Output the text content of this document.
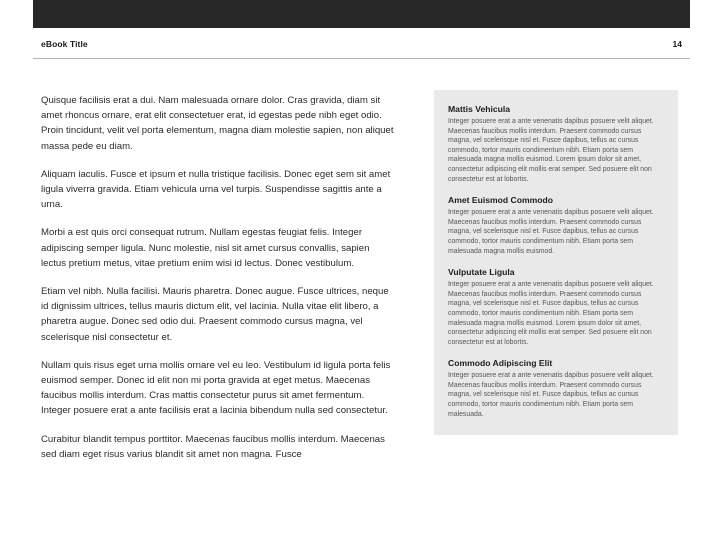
eBook Title	14

Quisque facilisis erat a dui. Nam malesuada ornare dolor. Cras gravida, diam sit amet rhoncus ornare, erat elit consectetuer erat, id egestas pede nibh eget odio. Proin tincidunt, velit vel porta elementum, magna diam molestie sapien, non aliquet massa pede eu diam.

Aliquam iaculis. Fusce et ipsum et nulla tristique facilisis. Donec eget sem sit amet ligula viverra gravida. Etiam vehicula urna vel turpis. Suspendisse sagittis ante a urna.

Morbi a est quis orci consequat rutrum. Nullam egestas feugiat felis. Integer adipiscing semper ligula. Nunc molestie, nisl sit amet cursus convallis, sapien lectus pretium metus, vitae pretium enim wisi id lectus. Donec vestibulum.

Etiam vel nibh. Nulla facilisi. Mauris pharetra. Donec augue. Fusce ultrices, neque id dignissim ultrices, tellus mauris dictum elit, vel lacinia. Nulla vitae elit libero, a pharetra augue. Donec sed odio dui. Praesent commodo cursus magna, vel scelerisque nisl consectetur et.

Nullam quis risus eget urna mollis ornare vel eu leo. Vestibulum id ligula porta felis euismod semper. Donec id elit non mi porta gravida at eget metus. Maecenas faucibus mollis interdum. Cras mattis consectetur purus sit amet fermentum. Integer posuere erat a ante facilisis erat a lacinia bibendum nulla sed consectetur.

Curabitur blandit tempus porttitor. Maecenas faucibus mollis interdum. Maecenas sed diam eget risus varius blandit sit amet non magna. Fusce

Mattis Vehicula

Integer posuere erat a ante venenatis dapibus posuere velit aliquet. Maecenas faucibus mollis interdum. Praesent commodo cursus magna, vel scelerisque nisl et. Fusce dapibus, tellus ac cursus commodo, tortor mauris condimentum nibh. Etiam porta sem malesuada magna mollis euismod. Lorem ipsum dolor sit amet, consectetur adipiscing elit mollis erat semper. Sed posuere elit non consectetur est at lobortis.

Amet Euismod Commodo

Integer posuere erat a ante venenatis dapibus posuere velit aliquet. Maecenas faucibus mollis interdum. Praesent commodo cursus magna, vel scelerisque nisl et. Fusce dapibus, tellus ac cursus commodo, tortor mauris condimentum nibh. Etiam porta sem malesuada magna mollis euismod.

Vulputate Ligula

Integer posuere erat a ante venenatis dapibus posuere velit aliquet. Maecenas faucibus mollis interdum. Praesent commodo cursus magna, vel scelerisque nisl et. Fusce dapibus, tellus ac cursus commodo, tortor mauris condimentum nibh. Etiam porta sem malesuada magna mollis euismod. Lorem ipsum dolor sit amet, consectetur adipiscing elit mollis erat semper. Sed posuere elit non consectetur est at lobortis.

Commodo Adipiscing Elit

Integer posuere erat a ante venenatis dapibus posuere velit aliquet. Maecenas faucibus mollis interdum. Praesent commodo cursus magna, vel scelerisque nisl et. Fusce dapibus, tellus ac cursus commodo, tortor mauris condimentum nibh. Etiam porta sem malesuada.
